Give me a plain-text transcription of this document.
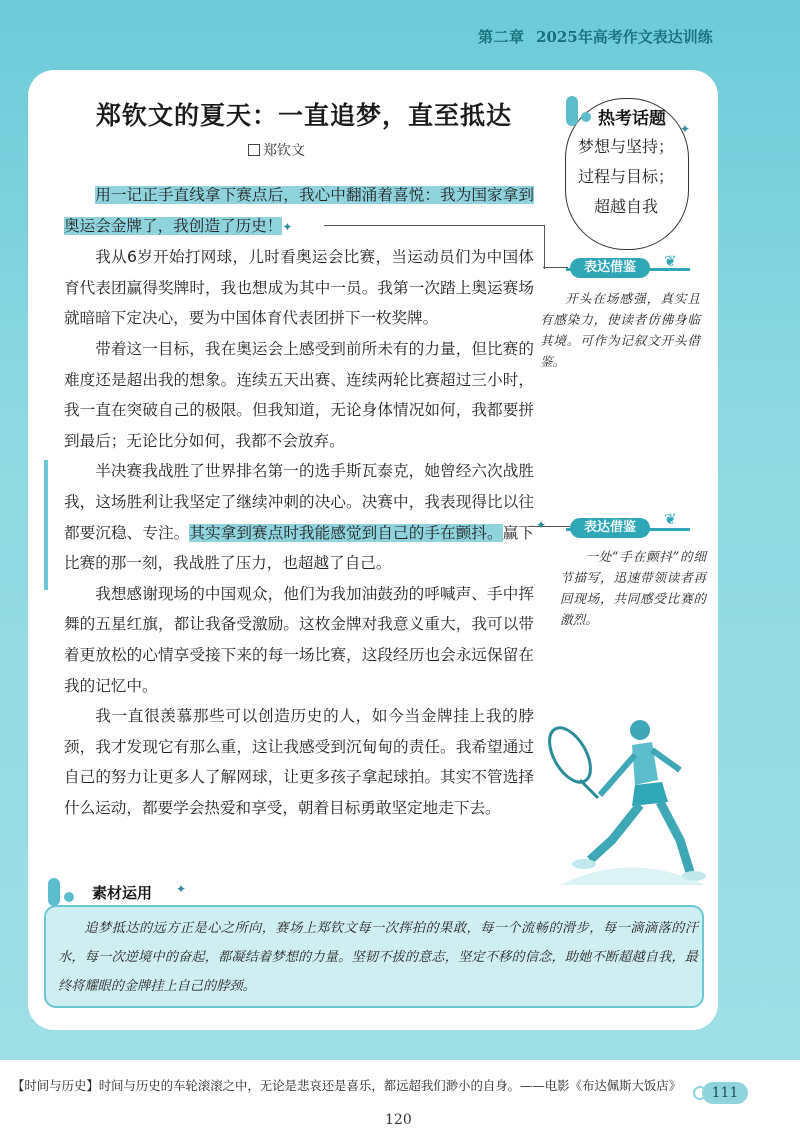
第二章 2025年高考作文表达训练
郑钦文的夏天：一直追梦，直至抵达
郑钦文

用一记正手直线拿下赛点后，我心中翻涌着喜悦：我为国家拿到奥运会金牌了，我创造了历史！✦

我从6岁开始打网球，儿时看奥运会比赛，当运动员们为中国体育代表团赢得奖牌时，我也想成为其中一员。我第一次踏上奥运赛场就暗暗下定决心，要为中国体育代表团拼下一枚奖牌。

带着这一目标，我在奥运会上感受到前所未有的力量，但比赛的难度还是超出我的想象。连续五天出赛、连续两轮比赛超过三小时，我一直在突破自己的极限。但我知道，无论身体情况如何，我都要拼到最后；无论比分如何，我都不会放弃。

半决赛我战胜了世界排名第一的选手斯瓦泰克，她曾经六次战胜我，这场胜利让我坚定了继续冲刺的决心。决赛中，我表现得比以往都要沉稳、专注。其实拿到赛点时我能感觉到自己的手在颤抖。赢下比赛的那一刻，我战胜了压力，也超越了自己。

我想感谢现场的中国观众，他们为我加油鼓劲的呼喊声、手中挥舞的五星红旗，都让我备受激励。这枚金牌对我意义重大，我可以带着更放松的心情享受接下来的每一场比赛，这段经历也会永远保留在我的记忆中。

我一直很羡慕那些可以创造历史的人，如今当金牌挂上我的脖颈，我才发现它有那么重，这让我感受到沉甸甸的责任。我希望通过自己的努力让更多人了解网球，让更多孩子拿起球拍。其实不管选择什么运动，都要学会热爱和享受，朝着目标勇敢坚定地走下去。

✦
热考话题 ✦
梦想与坚持；
过程与目标；
超越自我
表达借鉴	❦

开头在场感强，真实且有感染力，使读者仿佛身临其境。可作为记叙文开头借鉴。

表达借鉴	❦

一处“手在颤抖”的细节描写，迅速带领读者再回现场，共同感受比赛的激烈。

素材运用 ✦

追梦抵达的远方正是心之所向，赛场上郑钦文每一次挥拍的果敢，每一个流畅的滑步，每一滴滴落的汗水，每一次逆境中的奋起，都凝结着梦想的力量。坚韧不拔的意志，坚定不移的信念，助她不断超越自我，最终将耀眼的金牌挂上自己的脖颈。

【时间与历史】时间与历史的车轮滚滚之中，无论是悲哀还是喜乐，都远超我们渺小的自身。——电影《布达佩斯大饭店》	111
120
